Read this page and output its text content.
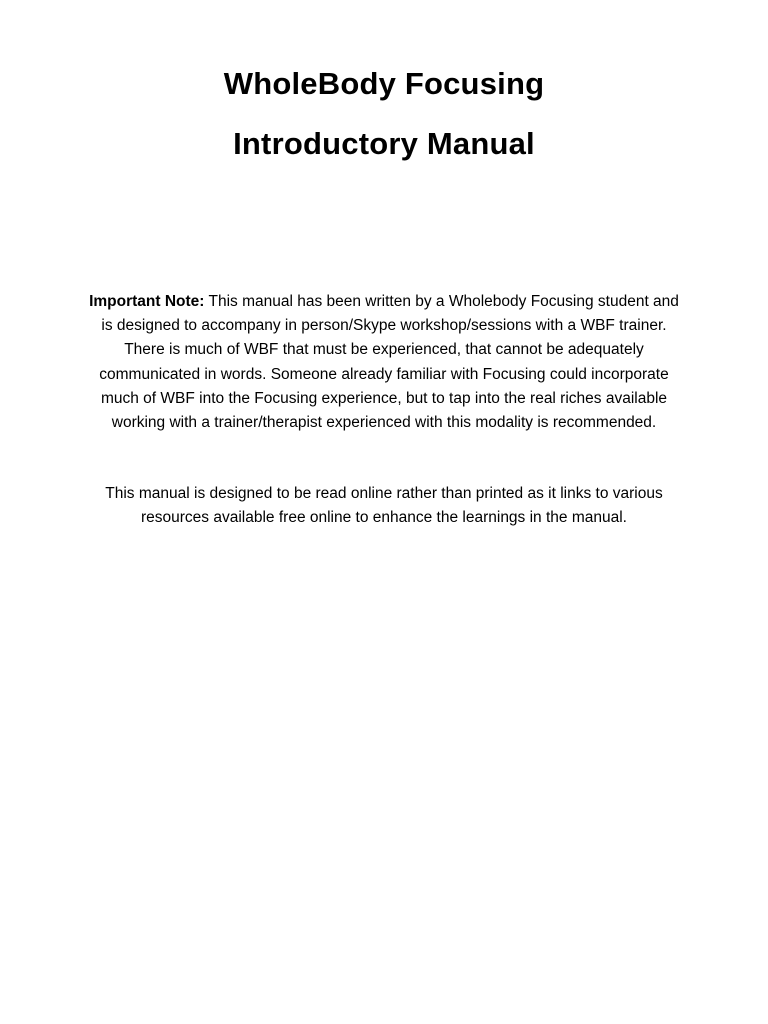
WholeBody Focusing
Introductory Manual
Important Note: This manual has been written by a Wholebody Focusing student and
is designed to accompany in person/Skype workshop/sessions with a WBF trainer.
There is much of WBF that must be experienced, that cannot be adequately
communicated in words. Someone already familiar with Focusing could incorporate
much of WBF into the Focusing experience, but to tap into the real riches available
working with a trainer/therapist experienced with this modality is recommended.
This manual is designed to be read online rather than printed as it links to various
resources available free online to enhance the learnings in the manual.
